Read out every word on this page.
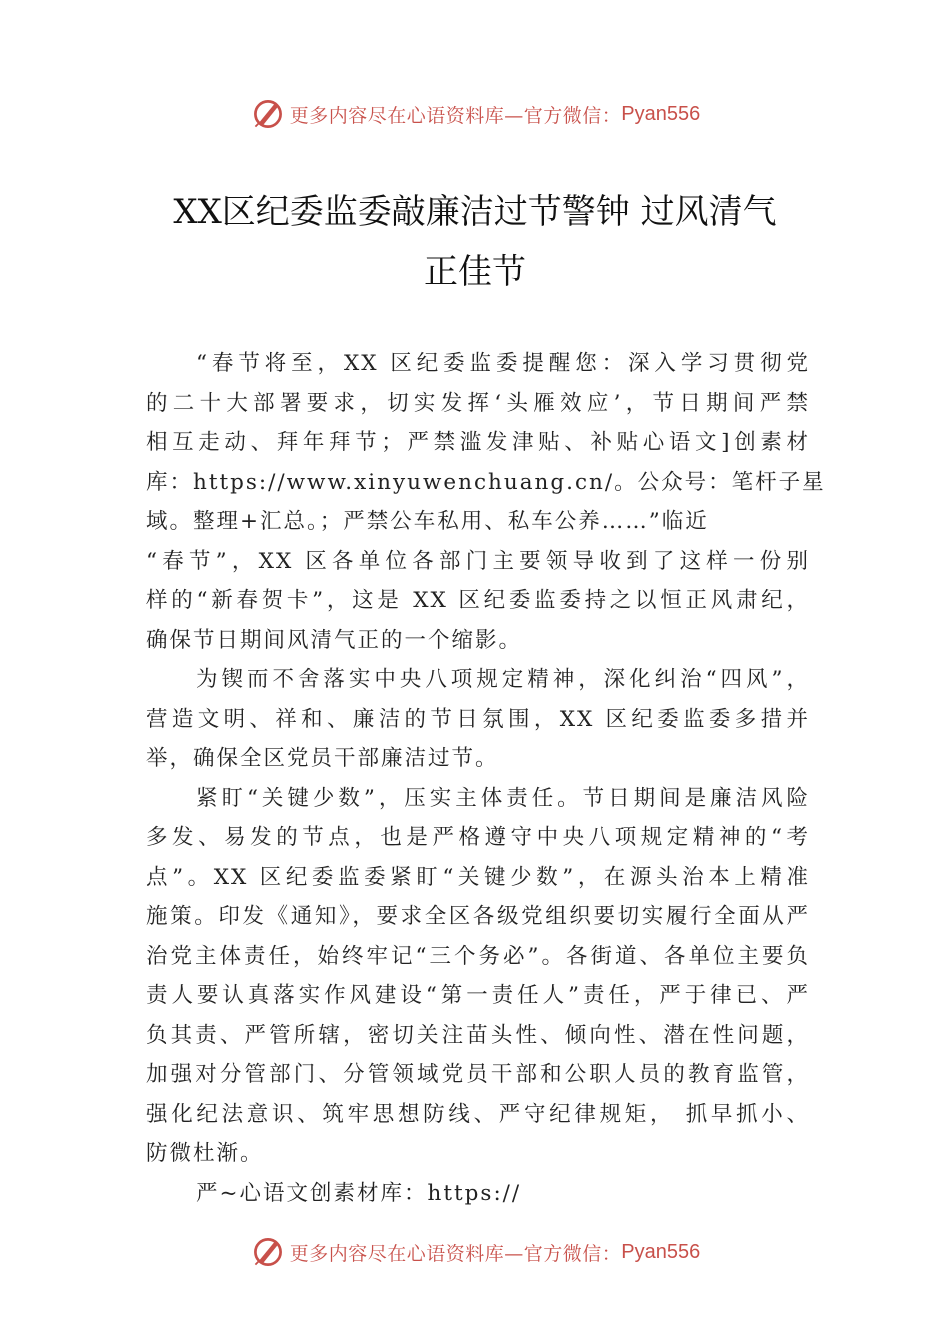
更多内容尽在心语资料库—官方微信： Pyan556
XX区纪委监委敲廉洁过节警钟 过风清气
正佳节
“春节将至，XX 区纪委监委提醒您：深入学习贯彻党
的二十大部署要求，切实发挥‘头雁效应’，节日期间严禁
相互走动、拜年拜节；严禁滥发津贴、补贴心语文]创素材
库：https://www.xinyuwenchuang.cn/。公众号：笔杆子星
域。整理+汇总。；严禁公车私用、私车公养……”临近
“春节”，XX 区各单位各部门主要领导收到了这样一份别
样的“新春贺卡”，这是 XX 区纪委监委持之以恒正风肃纪，
确保节日期间风清气正的一个缩影。
为锲而不舍落实中央八项规定精神，深化纠治“四风”，
营造文明、祥和、廉洁的节日氛围，XX 区纪委监委多措并
举，确保全区党员干部廉洁过节。
紧盯“关键少数”，压实主体责任。节日期间是廉洁风险
多发、易发的节点，也是严格遵守中央八项规定精神的“考
点”。XX 区纪委监委紧盯“关键少数”，在源头治本上精准
施策。印发《通知》，要求全区各级党组织要切实履行全面从严
治党主体责任，始终牢记“三个务必”。各街道、各单位主要负
责人要认真落实作风建设“第一责任人”责任，严于律已、严
负其责、严管所辖，密切关注苗头性、倾向性、潜在性问题，
加强对分管部门、分管领域党员干部和公职人员的教育监管，
强化纪法意识、筑牢思想防线、严守纪律规矩， 抓早抓小、
防微杜渐。
严~心语文创素材库：https://
更多内容尽在心语资料库—官方微信： Pyan556
